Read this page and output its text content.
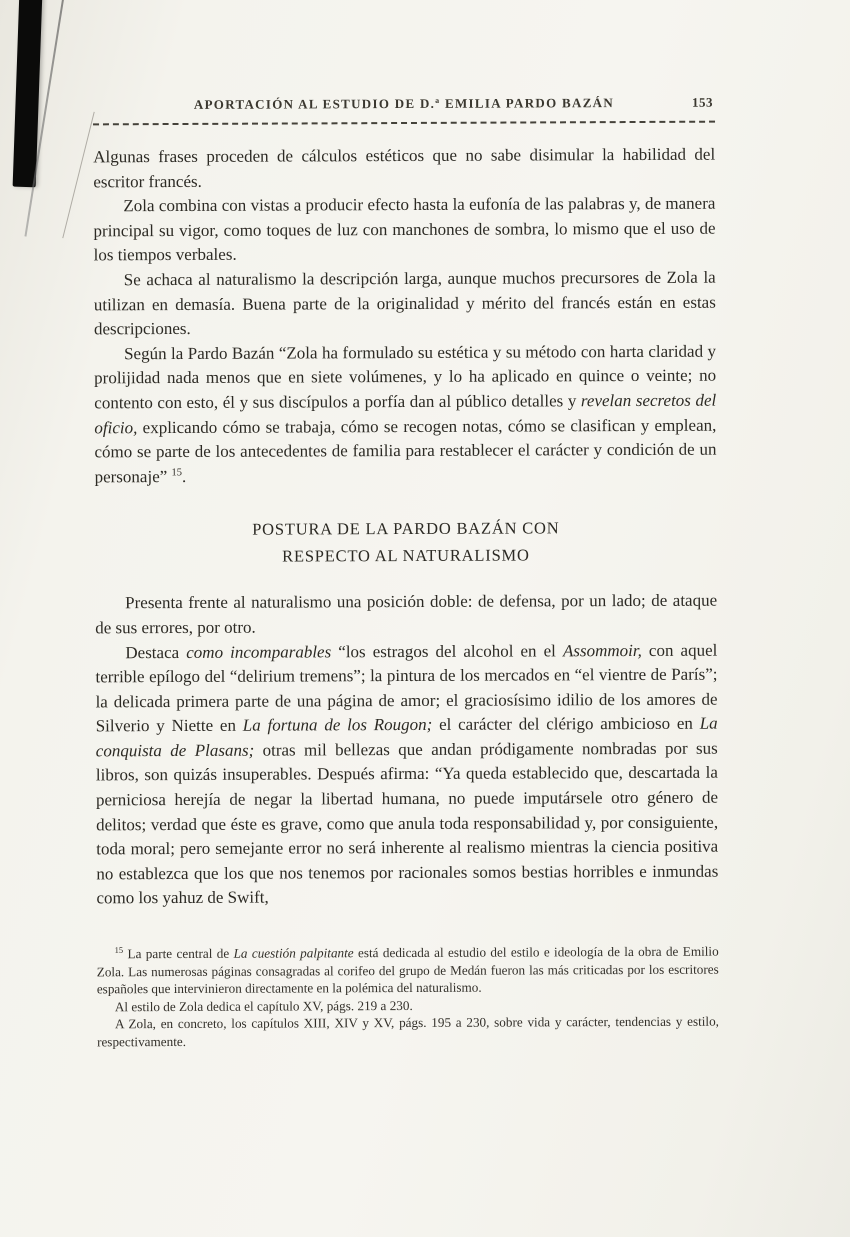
APORTACIÓN AL ESTUDIO DE D.ª EMILIA PARDO BAZÁN	153

Algunas frases proceden de cálculos estéticos que no sabe disimular la habilidad del escritor francés.

Zola combina con vistas a producir efecto hasta la eufonía de las palabras y, de manera principal su vigor, como toques de luz con manchones de sombra, lo mismo que el uso de los tiempos verbales.

Se achaca al naturalismo la descripción larga, aunque muchos precursores de Zola la utilizan en demasía. Buena parte de la originalidad y mérito del francés están en estas descripciones.

Según la Pardo Bazán “Zola ha formulado su estética y su método con harta claridad y prolijidad nada menos que en siete volúmenes, y lo ha aplicado en quince o veinte; no contento con esto, él y sus discípulos a porfía dan al público detalles y revelan secretos del oficio, explicando cómo se trabaja, cómo se recogen notas, cómo se clasifican y emplean, cómo se parte de los antecedentes de familia para restablecer el carácter y condición de un personaje” $^{15}$.

POSTURA DE LA PARDO BAZÁN CON
RESPECTO AL NATURALISMO

Presenta frente al naturalismo una posición doble: de defensa, por un lado; de ataque de sus errores, por otro.

Destaca como incomparables “los estragos del alcohol en el Assommoir, con aquel terrible epílogo del “delirium tremens”; la pintura de los mercados en “el vientre de París”; la delicada primera parte de una página de amor; el graciosísimo idilio de los amores de Silverio y Niette en La fortuna de los Rougon; el carácter del clérigo ambicioso en La conquista de Plasans; otras mil bellezas que andan pródigamente nombradas por sus libros, son quizás insuperables. Después afirma: “Ya queda establecido que, descartada la perniciosa herejía de negar la libertad humana, no puede imputársele otro género de delitos; verdad que éste es grave, como que anula toda responsabilidad y, por consiguiente, toda moral; pero semejante error no será inherente al realismo mientras la ciencia positiva no establezca que los que nos tenemos por racionales somos bestias horribles e inmundas como los yahuz de Swift,

$^{15}$ La parte central de La cuestión palpitante está dedicada al estudio del estilo e ideología de la obra de Emilio Zola. Las numerosas páginas consagradas al corifeo del grupo de Medán fueron las más criticadas por los escritores españoles que intervinieron directamente en la polémica del naturalismo.

Al estilo de Zola dedica el capítulo XV, págs. 219 a 230.

A Zola, en concreto, los capítulos XIII, XIV y XV, págs. 195 a 230, sobre vida y carácter, tendencias y estilo, respectivamente.
